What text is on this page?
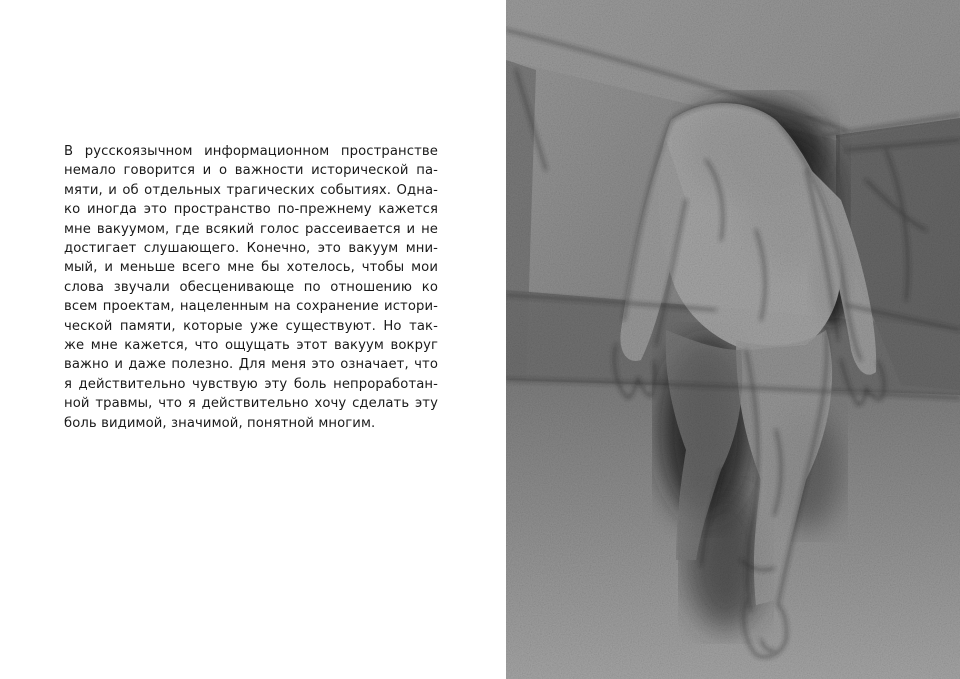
В русскоязычном информационном пространстве
немало говорится и о важности исторической па-
мяти, и об отдельных трагических событиях. Одна-
ко иногда это пространство по-прежнему кажется
мне вакуумом, где всякий голос рассеивается и не
достигает слушающего. Конечно, это вакуум мни-
мый, и меньше всего мне бы хотелось, чтобы мои
слова звучали обесценивающе по отношению ко
всем проектам, нацеленным на сохранение истори-
ческой памяти, которые уже существуют. Но так-
же мне кажется, что ощущать этот вакуум вокруг
важно и даже полезно. Для меня это означает, что
я действительно чувствую эту боль непроработан-
ной травмы, что я действительно хочу сделать эту
боль видимой, значимой, понятной многим.
